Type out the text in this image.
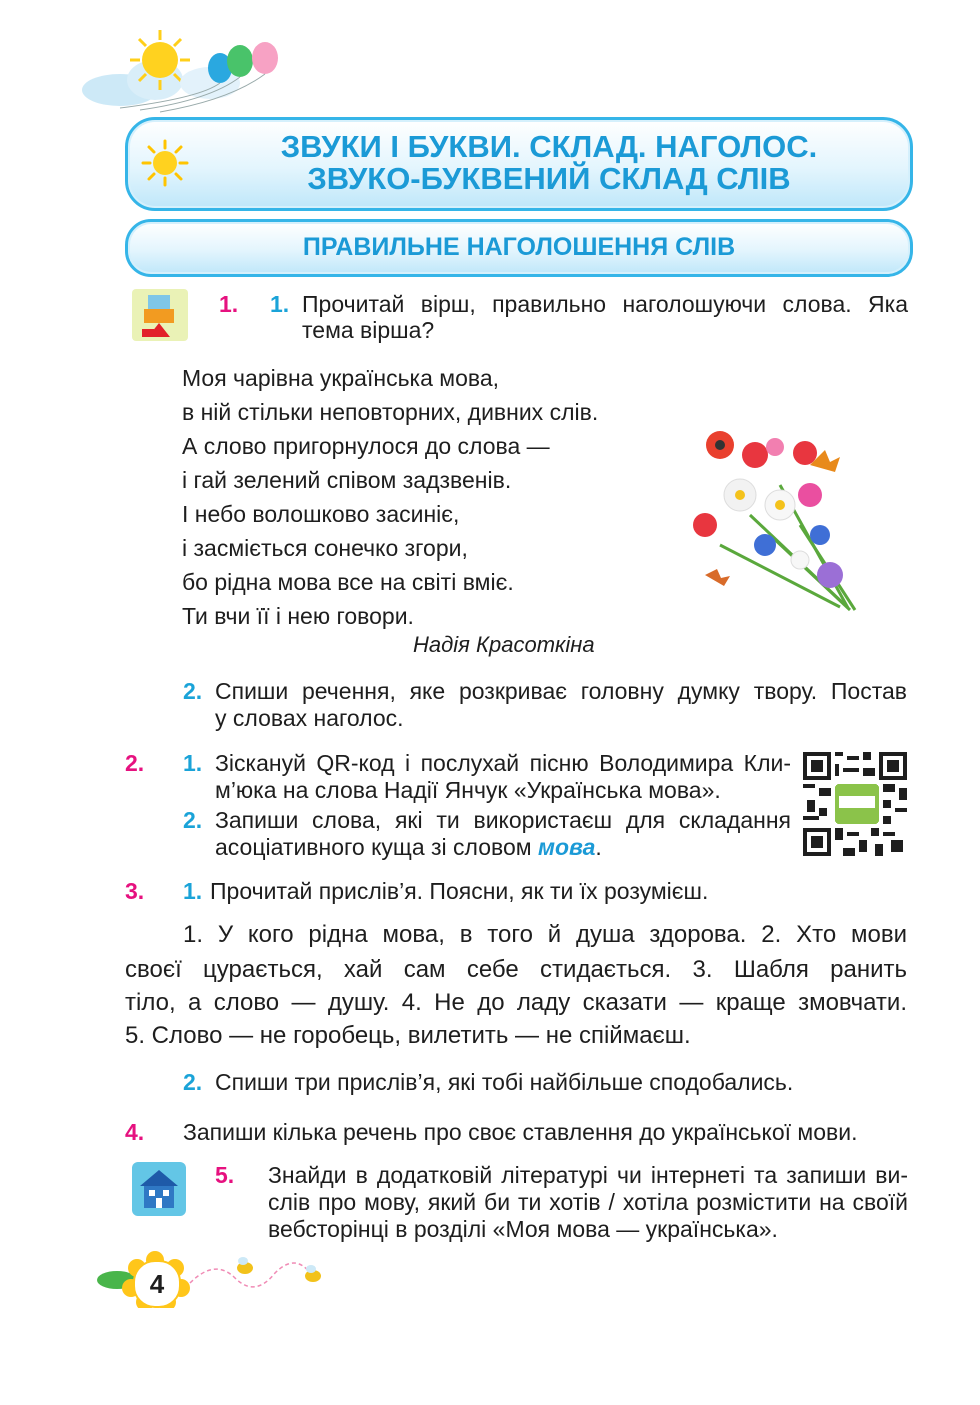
ЗВУКИ І БУКВИ. СКЛАД. НАГОЛОС.
ЗВУКО-БУКВЕНИЙ СКЛАД СЛІВ
ПРАВИЛЬНЕ НАГОЛОШЕННЯ СЛІВ
1. 1. Прочитай вірш, правильно наголошуючи слова. Яка
тема вірша?
Моя чарівна українська мова,
в ній стільки неповторних, дивних слів.
А слово пригорнулося до слова —
і гай зелений співом задзвенів.
І небо волошково засиніє,
і засміється сонечко згори,
бо рідна мова все на світі вміє.
Ти вчи її і нею говори.
Надія Красоткіна
2. Спиши речення, яке розкриває головну думку твору. Постав
у словах наголос.
2. 1. Зіскануй QR-код і послухай пісню Володимира Кли-
м’юка на слова Надії Янчук «Українська мова».
2. Запиши слова, які ти використаєш для складання
асоціативного куща зі словом мова.
3. 1. Прочитай прислів’я. Поясни, як ти їх розумієш.
1. У кого рідна мова, в того й душа здорова. 2. Хто мови
своєї цурається, хай сам себе стидається. 3. Шабля ранить
тіло, а слово — душу. 4. Не до ладу сказати — краще змовчати.
5. Слово — не горобець, вилетить — не спіймаєш.
2. Спиши три прислів’я, які тобі найбільше сподобались.
4. Запиши кілька речень про своє ставлення до української мови.
5. Знайди в додатковій літературі чи інтернеті та запиши ви-
слів про мову, який би ти хотів / хотіла розмістити на своїй
вебсторінці в розділі «Моя мова — українська».
4
